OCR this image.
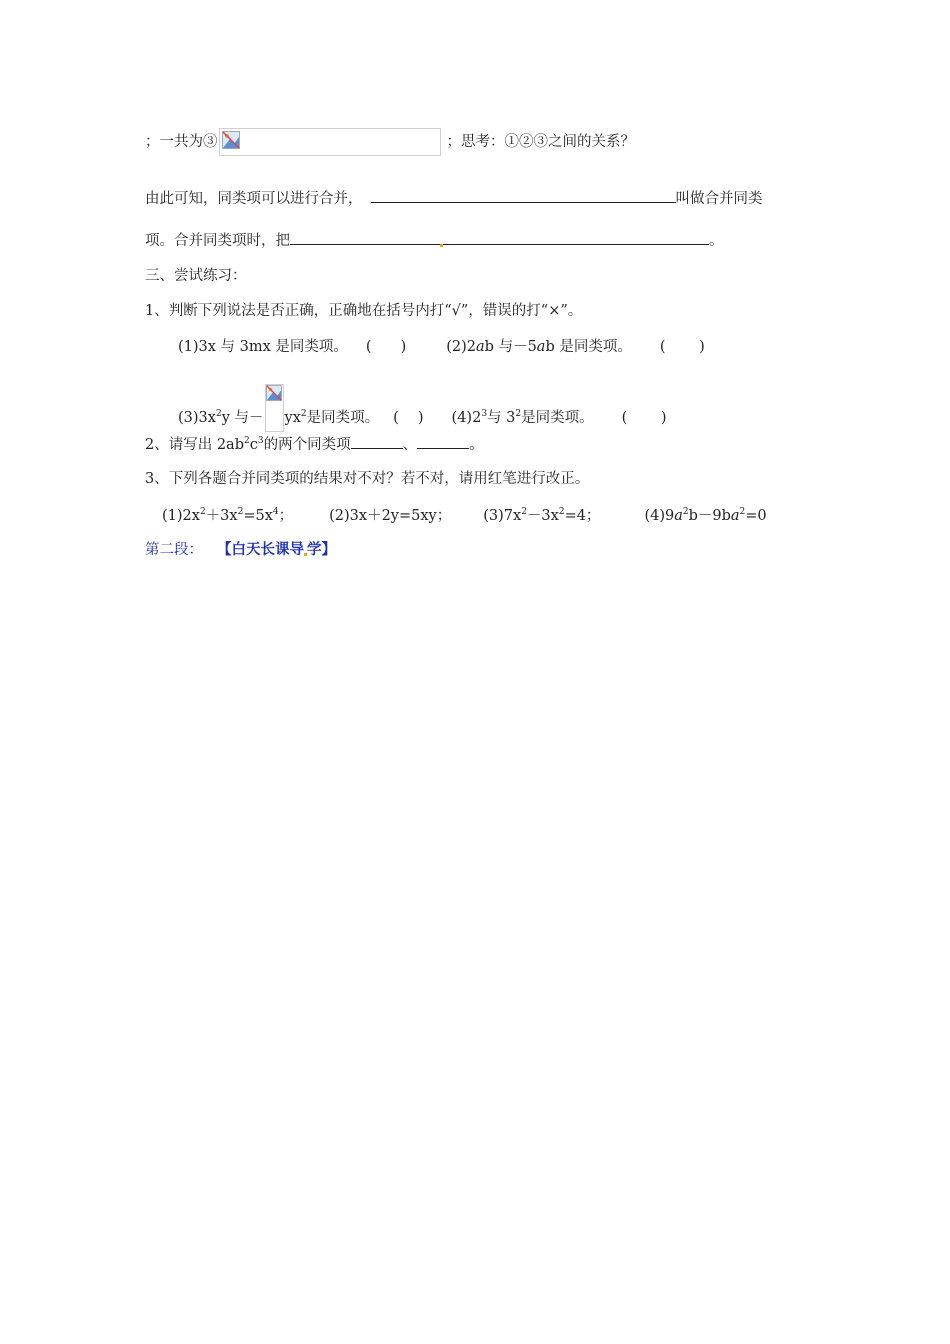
；一共为③	；思考：①②③之间的关系？
由此可知，同类项可以进行合并，	叫做合并同类
项。合并同类项时，把	。
三、尝试练习：
1、判断下列说法是否正确，正确地在括号内打“√”，错误的打“×”。
(1)3x 与 3mx 是同类项。 (　　)	(2)2ab 与－5ab 是同类项。 (　　 )
$(3)3x^2y$ 与－ $yx^2$是同类项。 (　 ) $(4)2^3$与 $3^2$是同类项。 (　　 )
2、请写出 $2ab^2c^3$的两个同类项	、	。
3、下列各题合并同类项的结果对不对？若不对，请用红笔进行改正。
$(1)2x^2+3x^2=5x^4$； (2)3x＋2y=5xy； $(3)7x^2-3x^2=4$；	$(4)9a^2b-9ba^2=0$
第二段： 【白天长课导 学】
